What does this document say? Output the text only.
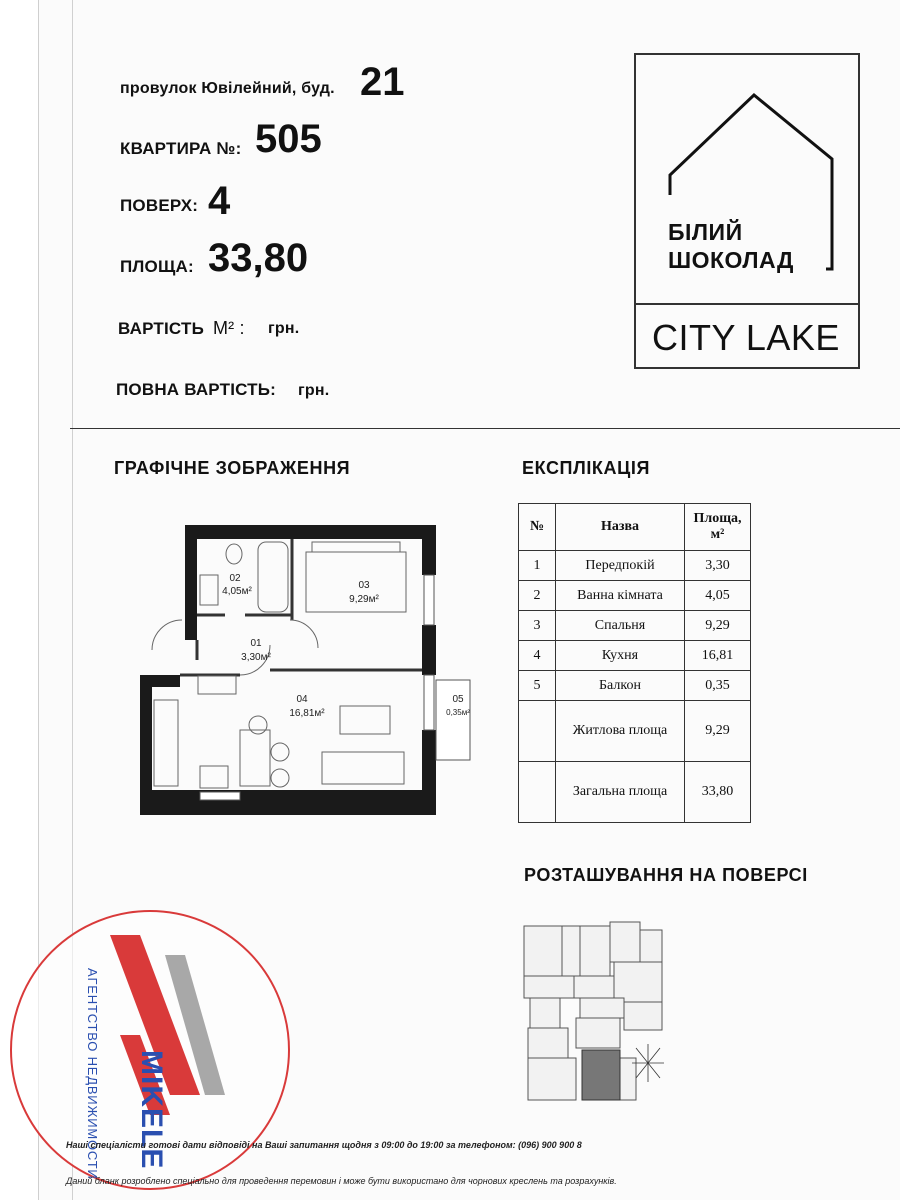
провулок Ювілейний, буд. 21
КВАРТИРА №: 505
ПОВЕРХ: 4
ПЛОЩА: 33,80
ВАРТІСТЬ М² : грн.
ПОВНА ВАРТІСТЬ: грн.
БІЛИЙ
ШОКОЛАД
CITY LAKE
ГРАФІЧНЕ ЗОБРАЖЕННЯ	ЕКСПЛІКАЦІЯ
РОЗТАШУВАННЯ НА ПОВЕРСІ
02
4,05м²
03
9,29м²
01
3,30м²
04
16,81м²
05
0,35м²
№	Назва	Площа,
м²
1	Передпокій	3,30
2	Ванна кімната	4,05
3	Спальня	9,29
4	Кухня	16,81
5	Балкон	0,35
	Житлова площа	9,29
	Загальна площа	33,80
АГЕНТСТВО НЕДВИЖИМОСТИ MIKELE
Наші спеціалісти готові дати відповіді на Ваші запитання щодня з 09:00 до 19:00 за телефоном: (096) 900 900 8
Даний бланк розроблено спеціально для проведення перемовин і може бути використано для чорнових креслень та розрахунків.
